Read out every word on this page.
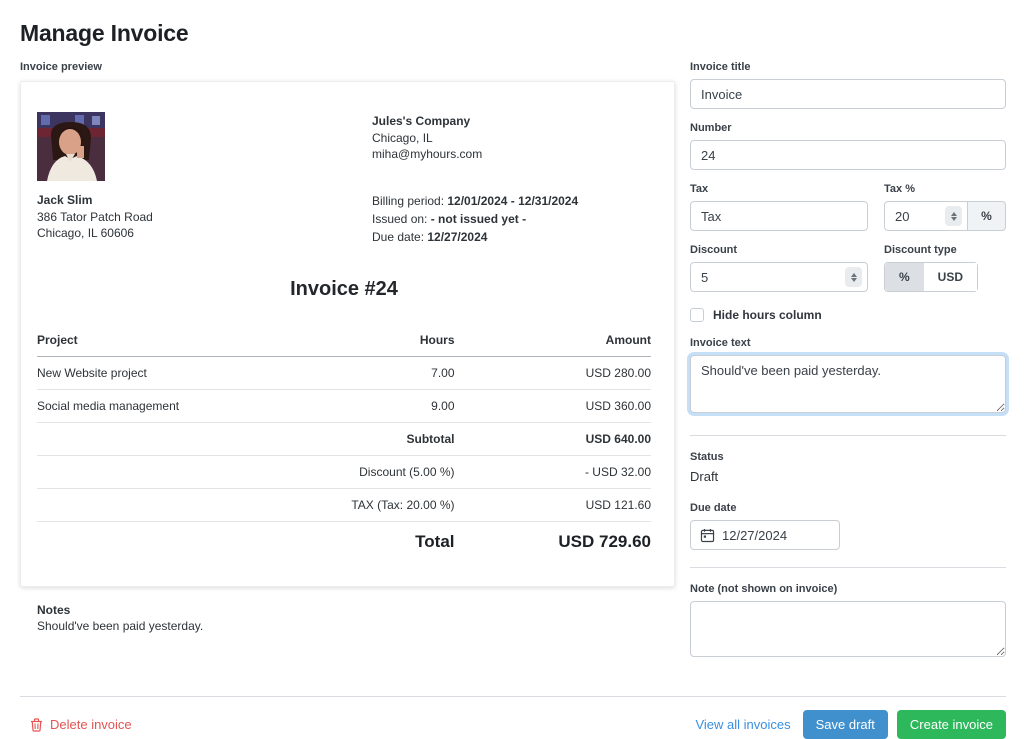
Manage Invoice
Invoice preview
Jack Slim
386 Tator Patch Road
Chicago, IL 60606
Jules's Company
Chicago, IL
miha@myhours.com
Billing period: 12/01/2024 - 12/31/2024
Issued on: - not issued yet -
Due date: 12/27/2024
Invoice #24
Project	Hours	Amount
New Website project	7.00	USD 280.00
Social media management	9.00	USD 360.00
	Subtotal	USD 640.00
	Discount (5.00 %)	- USD 32.00
	TAX (Tax: 20.00 %)	USD 121.60
	Total	USD 729.60
Notes
Should've been paid yesterday.
Invoice title
Invoice
Number
24
Tax
Tax	Tax %
20
%
Discount
5	Discount type
%	USD
Hide hours column
Invoice text
Should've been paid yesterday.
Status
Draft
Due date
12/27/2024
Note (not shown on invoice)
Delete invoice	View all invoices	Save draft	Create invoice
